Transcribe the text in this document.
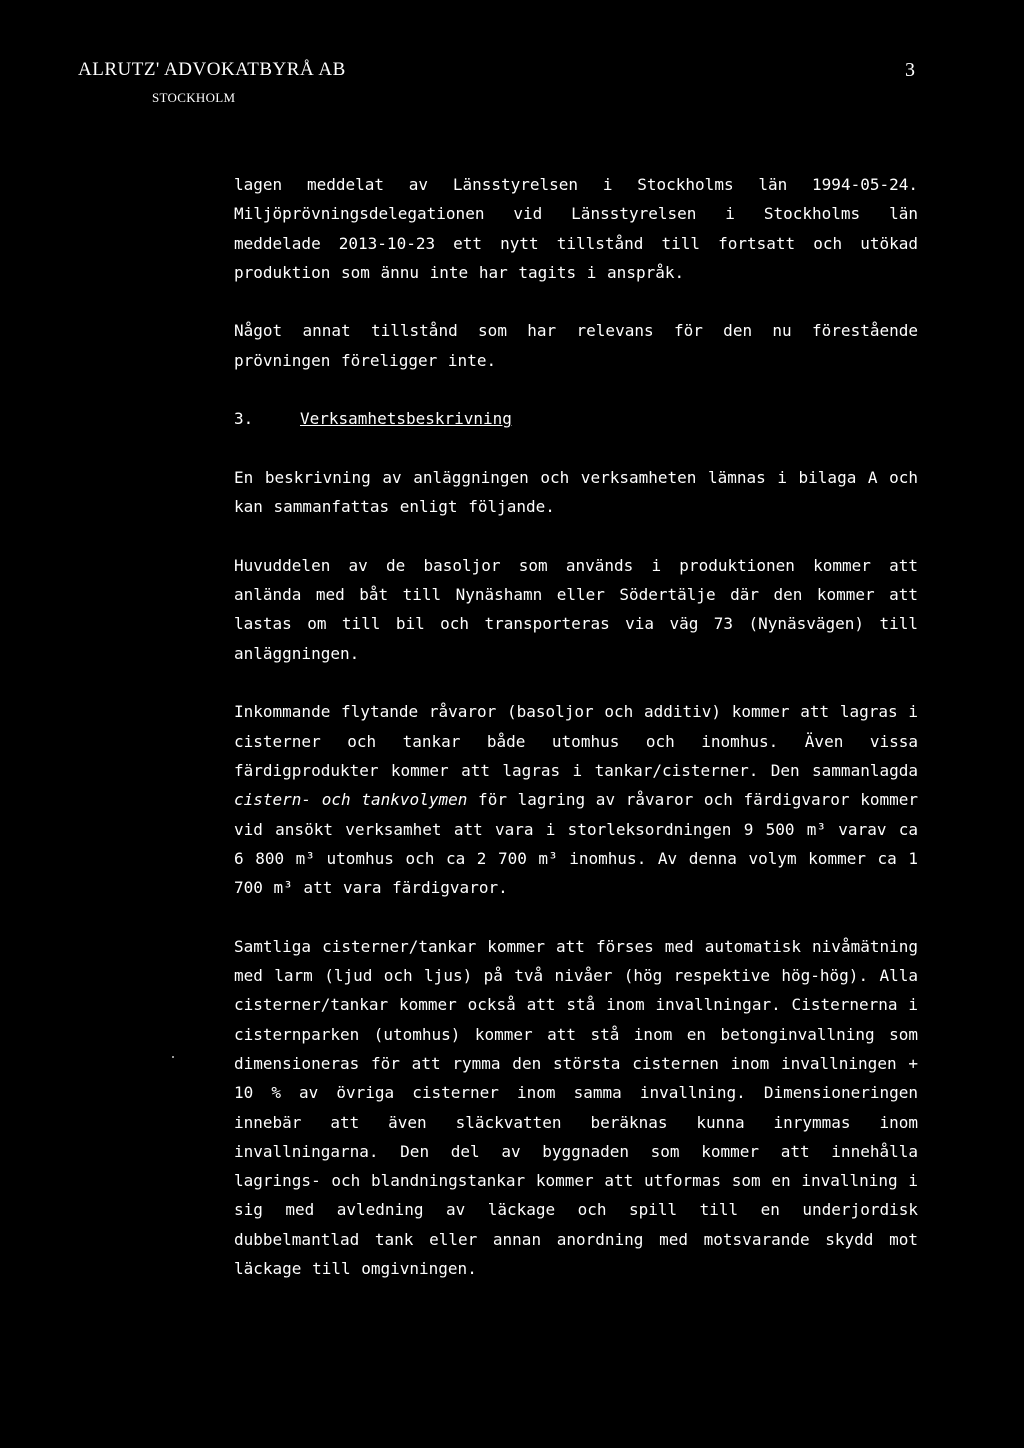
ALRUTZ' ADVOKATBYRÅ AB
STOCKHOLM
3

lagen meddelat av Länsstyrelsen i Stockholms län 1994-05-24. Miljöprövningsdelegationen vid Länsstyrelsen i Stockholms län meddelade 2013-10-23 ett nytt tillstånd till fortsatt och utökad produktion som ännu inte har tagits i anspråk.

Något annat tillstånd som har relevans för den nu förestående prövningen föreligger inte.

3.	Verksamhetsbeskrivning

En beskrivning av anläggningen och verksamheten lämnas i bilaga A och kan sammanfattas enligt följande.

Huvuddelen av de basoljor som används i produktionen kommer att anlända med båt till Nynäshamn eller Södertälje där den kommer att lastas om till bil och transporteras via väg 73 (Nynäsvägen) till anläggningen.

Inkommande flytande råvaror (basoljor och additiv) kommer att lagras i cisterner och tankar både utomhus och inomhus. Även vissa färdigprodukter kommer att lagras i tankar/cisterner. Den sammanlagda cistern- och tankvolymen för lagring av råvaror och färdigvaror kommer vid ansökt verksamhet att vara i storleksordningen 9 500 m³ varav ca 6 800 m³ utomhus och ca 2 700 m³ inomhus. Av denna volym kommer ca 1 700 m³ att vara färdigvaror.

Samtliga cisterner/tankar kommer att förses med automatisk nivåmätning med larm (ljud och ljus) på två nivåer (hög respektive hög-hög). Alla cisterner/tankar kommer också att stå inom invallningar. Cisternerna i cisternparken (utomhus) kommer att stå inom en betonginvallning som dimensioneras för att rymma den största cisternen inom invallningen + 10 % av övriga cisterner inom samma invallning. Dimensioneringen innebär att även släckvatten beräknas kunna inrymmas inom invallningarna. Den del av byggnaden som kommer att innehålla lagrings- och blandningstankar kommer att utformas som en invallning i sig med avledning av läckage och spill till en underjordisk dubbelmantlad tank eller annan anordning med motsvarande skydd mot läckage till omgivningen.
